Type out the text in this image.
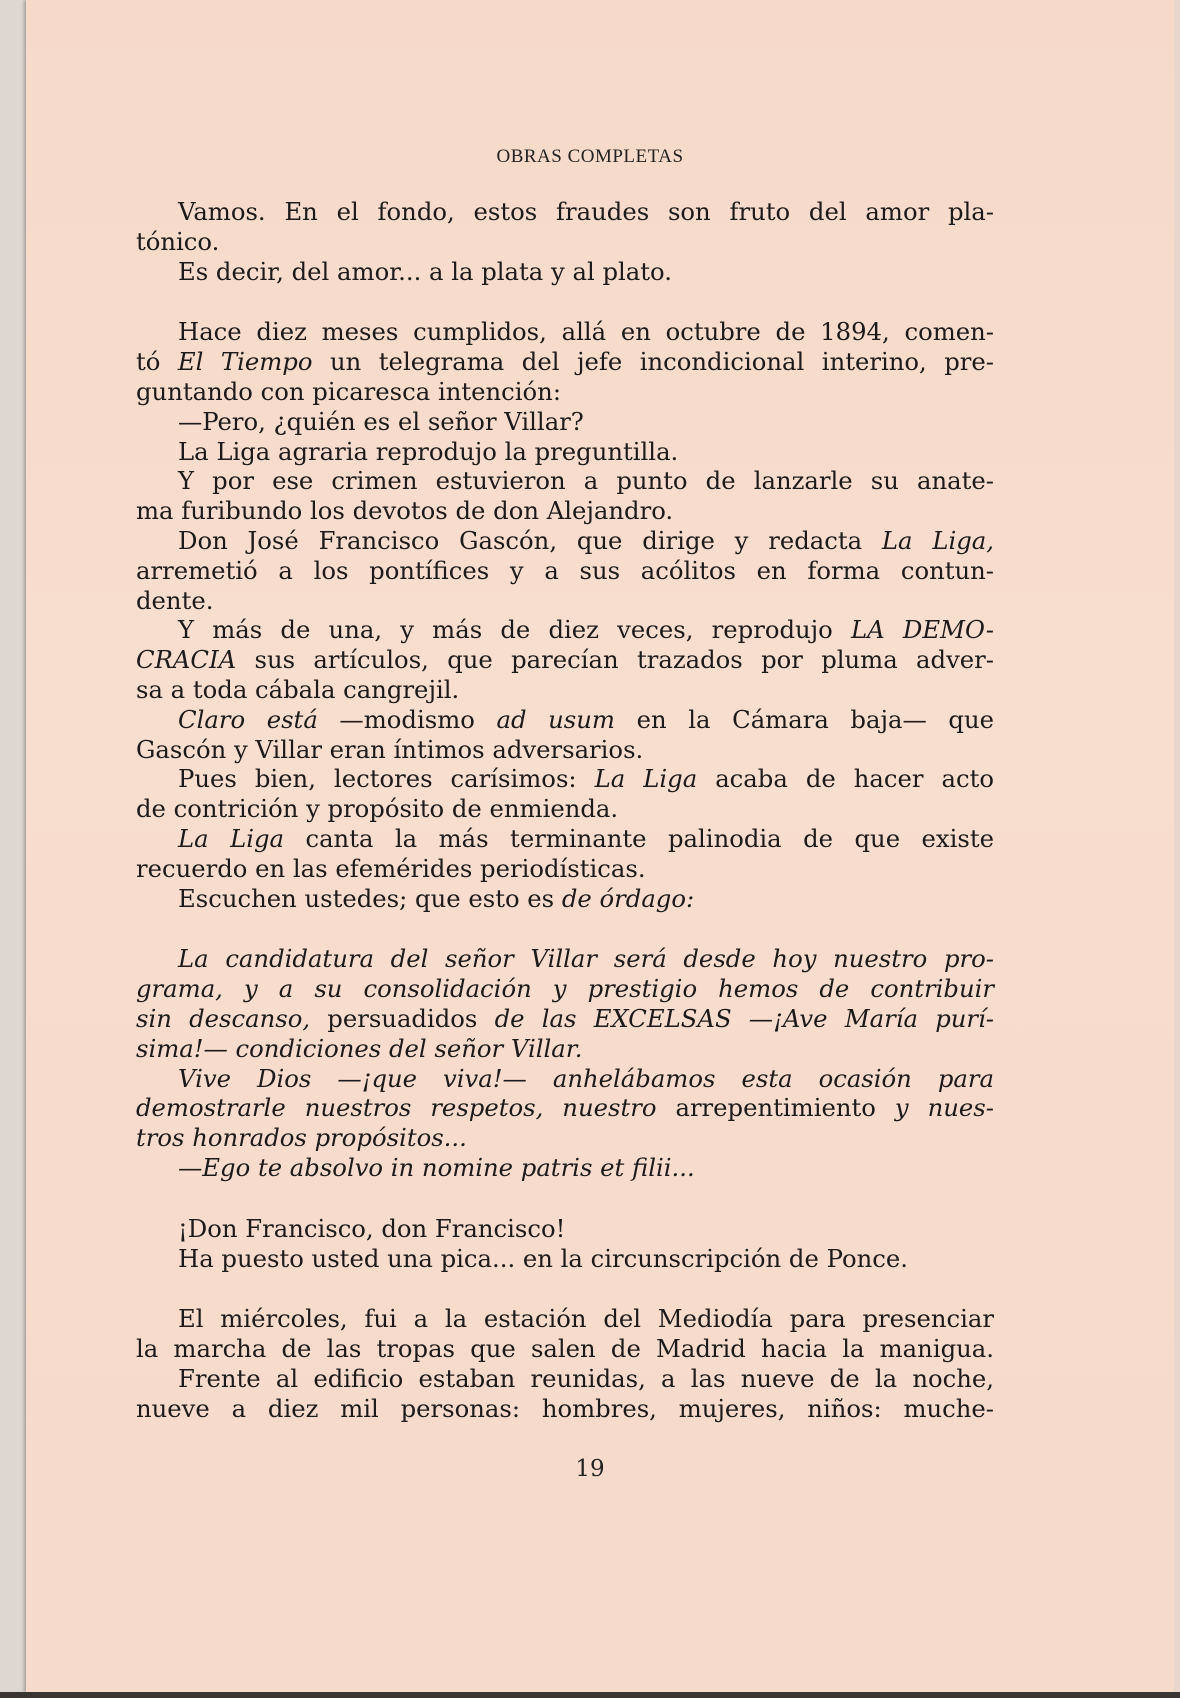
OBRAS COMPLETAS
Vamos. En el fondo, estos fraudes son fruto del amor pla-
tónico.
Es decir, del amor... a la plata y al plato.
Hace diez meses cumplidos, allá en octubre de 1894, comen-
tó El Tiempo un telegrama del jefe incondicional interino, pre-
guntando con picaresca intención:
—Pero, ¿quién es el señor Villar?
La Liga agraria reprodujo la preguntilla.
Y por ese crimen estuvieron a punto de lanzarle su anate-
ma furibundo los devotos de don Alejandro.
Don José Francisco Gascón, que dirige y redacta La Liga,
arremetió a los pontífices y a sus acólitos en forma contun-
dente.
Y más de una, y más de diez veces, reprodujo LA DEMO-
CRACIA sus artículos, que parecían trazados por pluma adver-
sa a toda cábala cangrejil.
Claro está —modismo ad usum en la Cámara baja— que
Gascón y Villar eran íntimos adversarios.
Pues bien, lectores carísimos: La Liga acaba de hacer acto
de contrición y propósito de enmienda.
La Liga canta la más terminante palinodia de que existe
recuerdo en las efemérides periodísticas.
Escuchen ustedes; que esto es de órdago:
La candidatura del señor Villar será desde hoy nuestro pro-
grama, y a su consolidación y prestigio hemos de contribuir
sin descanso, persuadidos de las EXCELSAS —¡Ave María purí-
sima!— condiciones del señor Villar.
Vive Dios —¡que viva!— anhelábamos esta ocasión para
demostrarle nuestros respetos, nuestro arrepentimiento y nues-
tros honrados propósitos...
—Ego te absolvo in nomine patris et filii...
¡Don Francisco, don Francisco!
Ha puesto usted una pica... en la circunscripción de Ponce.
El miércoles, fui a la estación del Mediodía para presenciar
la marcha de las tropas que salen de Madrid hacia la manigua.
Frente al edificio estaban reunidas, a las nueve de la noche,
nueve a diez mil personas: hombres, mujeres, niños: muche-
19
